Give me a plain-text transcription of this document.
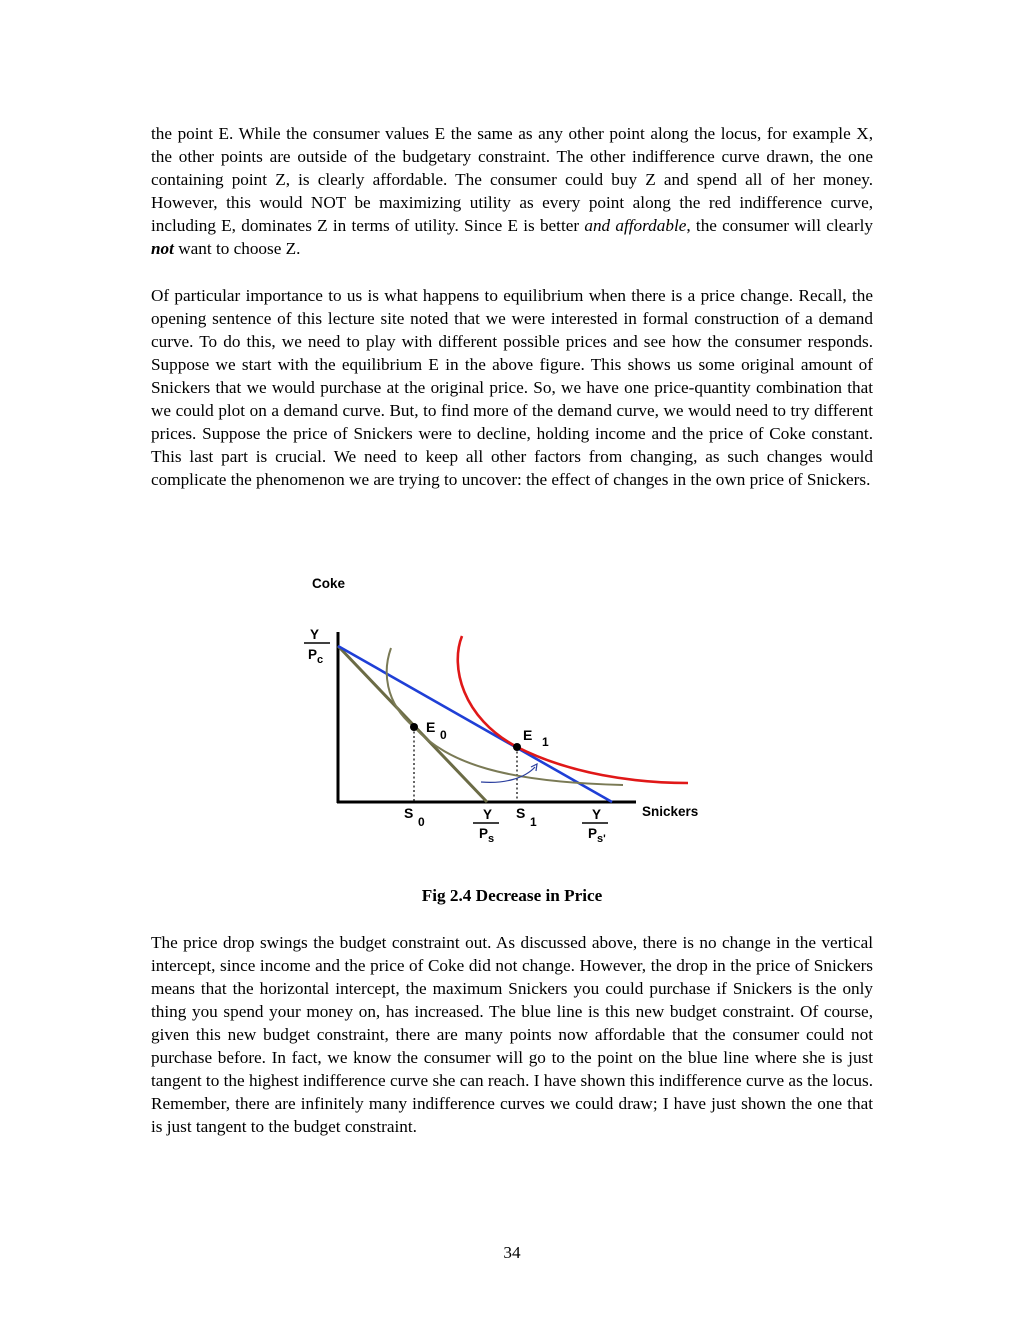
the point E. While the consumer values E the same as any other point along the locus, for example X, the other points are outside of the budgetary constraint. The other indifference curve drawn, the one containing point Z, is clearly affordable. The consumer could buy Z and spend all of her money. However, this would NOT be maximizing utility as every point along the red indifference curve, including E, dominates Z in terms of utility. Since E is better and affordable, the consumer will clearly not want to choose Z.

Of particular importance to us is what happens to equilibrium when there is a price change. Recall, the opening sentence of this lecture site noted that we were interested in formal construction of a demand curve. To do this, we need to play with different possible prices and see how the consumer responds. Suppose we start with the equilibrium E in the above figure. This shows us some original amount of Snickers that we would purchase at the original price. So, we have one price-quantity combination that we could plot on a demand curve. But, to find more of the demand curve, we would need to try different prices. Suppose the price of Snickers were to decline, holding income and the price of Coke constant. This last part is crucial. We need to keep all other factors from changing, as such changes would complicate the phenomenon we are trying to uncover: the effect of changes in the own price of Snickers.

Coke
Snickers
Y
P c
E 0	E 1
S
0
S
1
Y
P s
Y
P s'
Fig 2.4 Decrease in Price

The price drop swings the budget constraint out. As discussed above, there is no change in the vertical intercept, since income and the price of Coke did not change. However, the drop in the price of Snickers means that the horizontal intercept, the maximum Snickers you could purchase if Snickers is the only thing you spend your money on, has increased. The blue line is this new budget constraint. Of course, given this new budget constraint, there are many points now affordable that the consumer could not purchase before. In fact, we know the consumer will go to the point on the blue line where she is just tangent to the highest indifference curve she can reach. I have shown this indifference curve as the locus. Remember, there are infinitely many indifference curves we could draw; I have just shown the one that is just tangent to the budget constraint.

34
